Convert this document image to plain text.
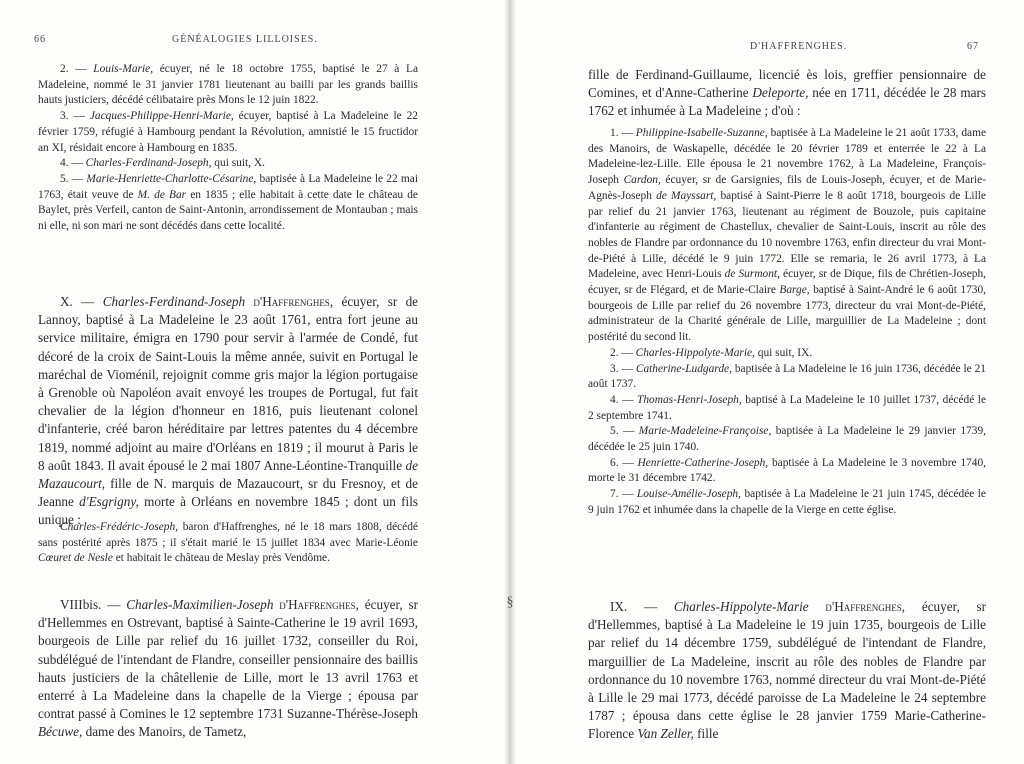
66	GÉNÉALOGIES LILLOISES.

2. — Louis-Marie, écuyer, né le 18 octobre 1755, baptisé le 27 à La Madeleine, nommé le 31 janvier 1781 lieutenant au bailli par les grands baillis hauts justiciers, décédé célibataire près Mons le 12 juin 1822.

3. — Jacques-Philippe-Henri-Marie, écuyer, baptisé à La Madeleine le 22 février 1759, réfugié à Hambourg pendant la Révolution, amnistié le 15 fructidor an XI, résidait encore à Hambourg en 1835.

4. — Charles-Ferdinand-Joseph, qui suit, X.

5. — Marie-Henriette-Charlotte-Césarine, baptisée à La Madeleine le 22 mai 1763, était veuve de M. de Bar en 1835 ; elle habitait à cette date le château de Baylet, près Verfeil, canton de Saint-Antonin, arrondissement de Montauban ; mais ni elle, ni son mari ne sont décédés dans cette localité.

X. — Charles-Ferdinand-Joseph d'Haffrenghes, écuyer, sr de Lannoy, baptisé à La Madeleine le 23 août 1761, entra fort jeune au service militaire, émigra en 1790 pour servir à l'armée de Condé, fut décoré de la croix de Saint-Louis la même année, suivit en Portugal le maréchal de Vioménil, rejoignit comme gris major la légion portugaise à Grenoble où Napoléon avait envoyé les troupes de Portugal, fut fait chevalier de la légion d'honneur en 1816, puis lieutenant colonel d'infanterie, créé baron héréditaire par lettres patentes du 4 décembre 1819, nommé adjoint au maire d'Orléans en 1819 ; il mourut à Paris le 8 août 1843. Il avait épousé le 2 mai 1807 Anne-Léontine-Tranquille de Mazaucourt, fille de N. marquis de Mazaucourt, sr du Fresnoy, et de Jeanne d'Esgrigny, morte à Orléans en novembre 1845 ; dont un fils unique :

Charles-Frédéric-Joseph, baron d'Haffrenghes, né le 18 mars 1808, décédé sans postérité après 1875 ; il s'était marié le 15 juillet 1834 avec Marie-Léonie Cœuret de Nesle et habitait le château de Meslay près Vendôme.

VIIIbis. — Charles-Maximilien-Joseph d'Haffrenghes, écuyer, sr d'Hellemmes en Ostrevant, baptisé à Sainte-Catherine le 19 avril 1693, bourgeois de Lille par relief du 16 juillet 1732, conseiller du Roi, subdélégué de l'intendant de Flandre, conseiller pensionnaire des baillis hauts justiciers de la châtellenie de Lille, mort le 13 avril 1763 et enterré à La Madeleine dans la chapelle de la Vierge ; épousa par contrat passé à Comines le 12 septembre 1731 Suzanne-Thérèse-Joseph Bécuwe, dame des Manoirs, de Tametz,

§
D'HAFFRENGHES.	67

fille de Ferdinand-Guillaume, licencié ès lois, greffier pensionnaire de Comines, et d'Anne-Catherine Deleporte, née en 1711, décédée le 28 mars 1762 et inhumée à La Madeleine ; d'où :

1. — Philippine-Isabelle-Suzanne, baptisée à La Madeleine le 21 août 1733, dame des Manoirs, de Waskapelle, décédée le 20 février 1789 et enterrée le 22 à La Madeleine-lez-Lille. Elle épousa le 21 novembre 1762, à La Madeleine, François-Joseph Cardon, écuyer, sr de Garsignies, fils de Louis-Joseph, écuyer, et de Marie-Agnès-Joseph de Mayssart, baptisé à Saint-Pierre le 8 août 1718, bourgeois de Lille par relief du 21 janvier 1763, lieutenant au régiment de Bouzole, puis capitaine d'infanterie au régiment de Chastellux, chevalier de Saint-Louis, inscrit au rôle des nobles de Flandre par ordonnance du 10 novembre 1763, enfin directeur du vrai Mont-de-Piété à Lille, décédé le 9 juin 1772. Elle se remaria, le 26 avril 1773, à La Madeleine, avec Henri-Louis de Surmont, écuyer, sr de Dique, fils de Chrétien-Joseph, écuyer, sr de Flégard, et de Marie-Claire Barge, baptisé à Saint-André le 6 août 1730, bourgeois de Lille par relief du 26 novembre 1773, directeur du vrai Mont-de-Piété, administrateur de la Charité générale de Lille, marguillier de La Madeleine ; dont postérité du second lit.

2. — Charles-Hippolyte-Marie, qui suit, IX.

3. — Catherine-Ludgarde, baptisée à La Madeleine le 16 juin 1736, décédée le 21 août 1737.

4. — Thomas-Henri-Joseph, baptisé à La Madeleine le 10 juillet 1737, décédé le 2 septembre 1741.

5. — Marie-Madeleine-Françoise, baptisée à La Madeleine le 29 janvier 1739, décédée le 25 juin 1740.

6. — Henriette-Catherine-Joseph, baptisée à La Madeleine le 3 novembre 1740, morte le 31 décembre 1742.

7. — Louise-Amélie-Joseph, baptisée à La Madeleine le 21 juin 1745, décédée le 9 juin 1762 et inhumée dans la chapelle de la Vierge en cette église.

IX. — Charles-Hippolyte-Marie d'Haffrenghes, écuyer, sr d'Hellemmes, baptisé à La Madeleine le 19 juin 1735, bourgeois de Lille par relief du 14 décembre 1759, subdélégué de l'intendant de Flandre, marguillier de La Madeleine, inscrit au rôle des nobles de Flandre par ordonnance du 10 novembre 1763, nommé directeur du vrai Mont-de-Piété à Lille le 29 mai 1773, décédé paroisse de La Madeleine le 24 septembre 1787 ; épousa dans cette église le 28 janvier 1759 Marie-Catherine-Florence Van Zeller, fille
